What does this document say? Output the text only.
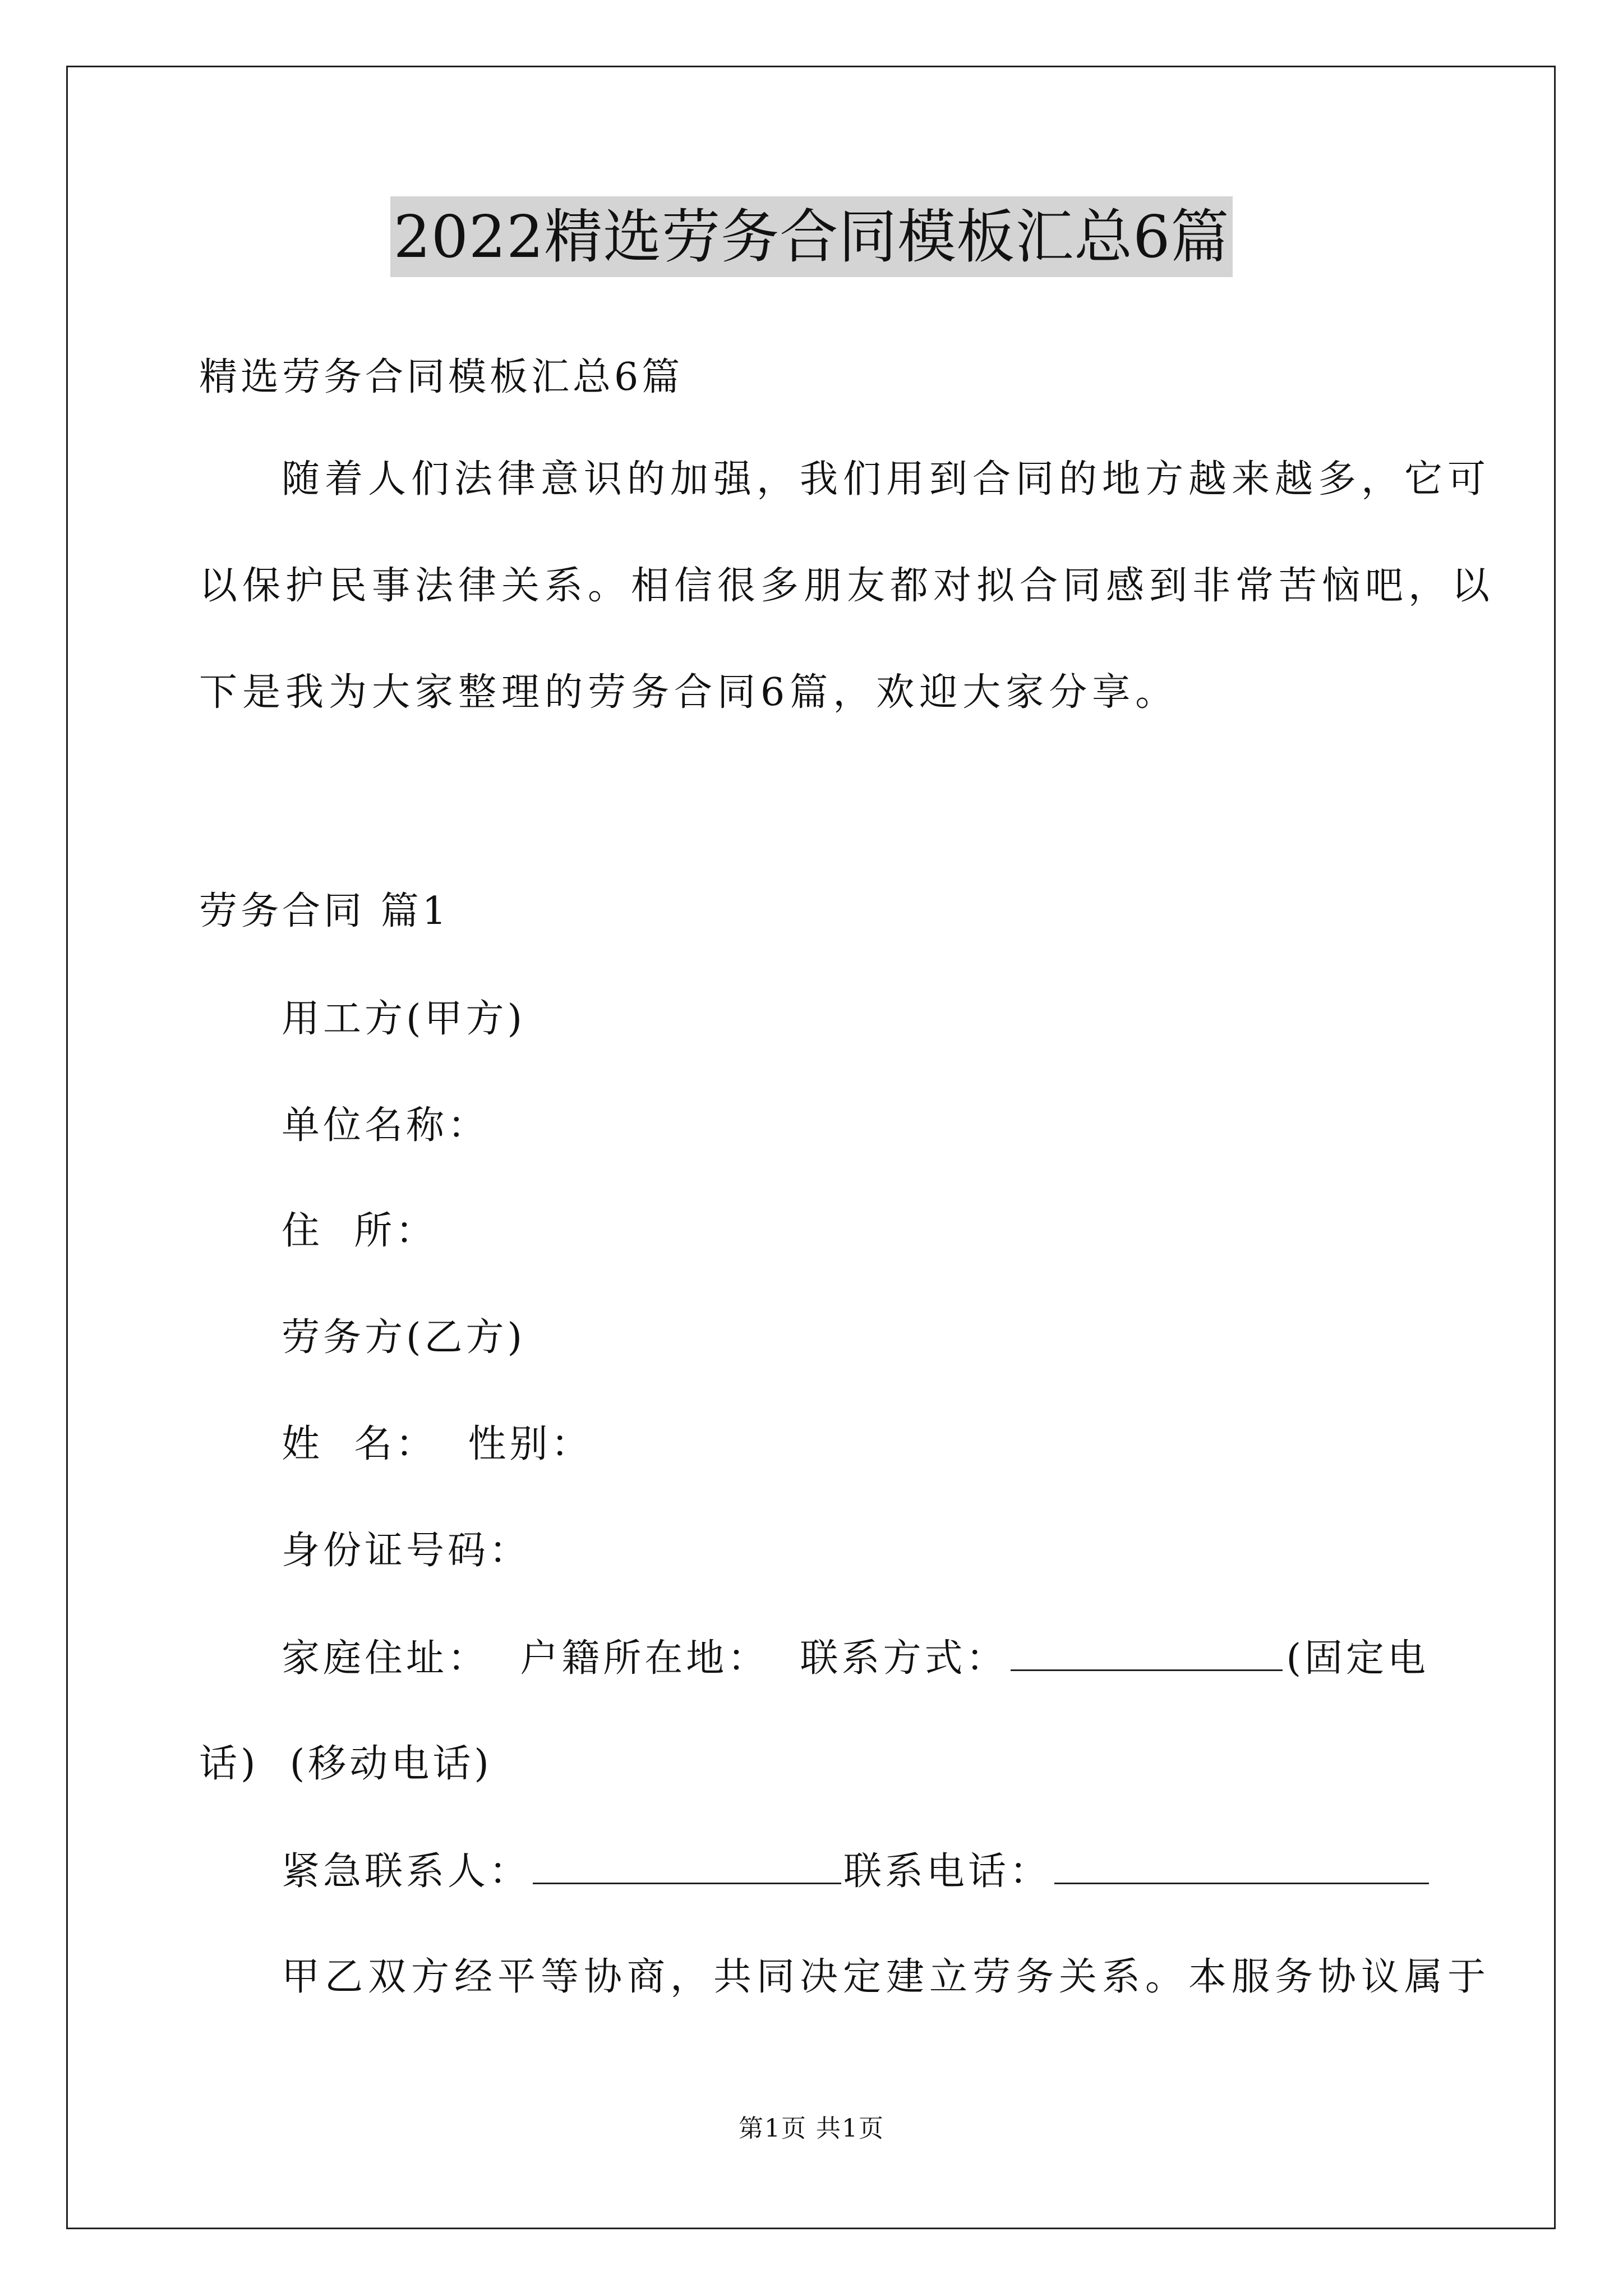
2022精选劳务合同模板汇总6篇
精选劳务合同模板汇总6篇
随着人们法律意识的加强，我们用到合同的地方越来越多，它可
以保护民事法律关系。相信很多朋友都对拟合同感到非常苦恼吧，以
下是我为大家整理的劳务合同6篇，欢迎大家分享。
劳务合同 篇1
用工方(甲方)
单位名称：
住  所：
劳务方(乙方)
姓  名：  性别：
身份证号码：
家庭住址：  户籍所在地：  联系方式：	(固定电
话)  (移动电话)
紧急联系人：	联系电话：
甲乙双方经平等协商，共同决定建立劳务关系。本服务协议属于
第1页 共1页
